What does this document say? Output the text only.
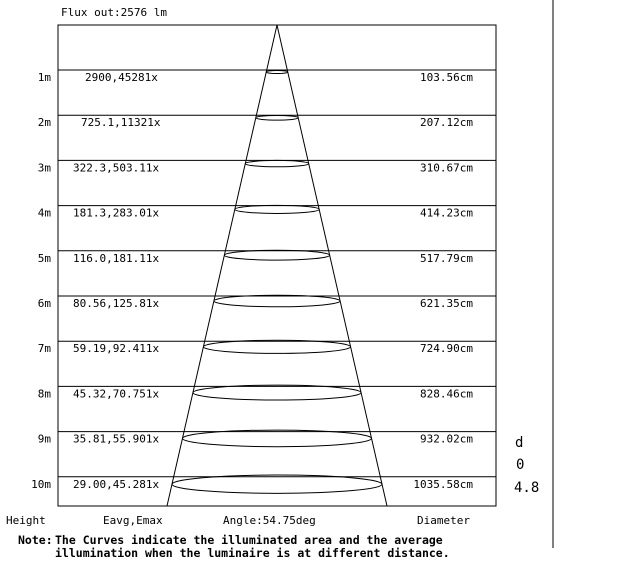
Flux out:2576 lm
1m	2900,45281x	103.56cm
2m	725.1,11321x	207.12cm
3m 322.3,503.11x	310.67cm
4m 181.3,283.01x	414.23cm
5m 116.0,181.11x	517.79cm
6m 80.56,125.81x	621.35cm
7m 59.19,92.411x	724.90cm
8m 45.32,70.751x	828.46cm
9m 35.81,55.901x	932.02cm
10m 29.00,45.281x	1035.58cm
Height	Eavg,Emax	Angle:54.75deg	Diameter
d
0
4.8
Note: The Curves indicate the illuminated area and the average illumination when the luminaire is at different distance.
